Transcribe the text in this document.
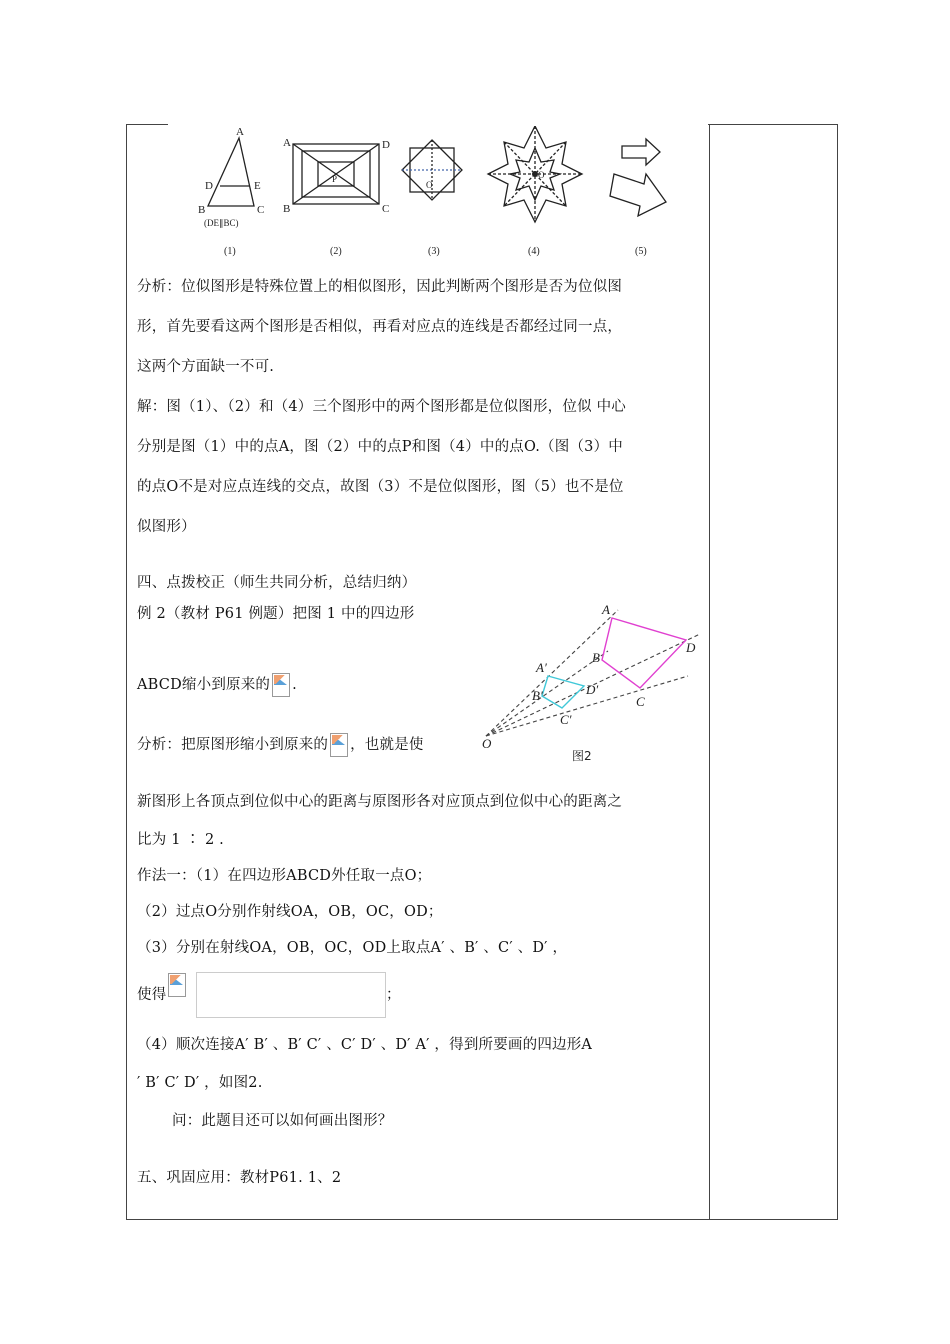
A
D	E
B	C
(DE∥BC)
(1)
A	D
B	C
P
(2)
O
(3)
O
(4)	(5)
分析：位似图形是特殊位置上的相似图形，因此判断两个图形是否为位似图
形，首先要看这两个图形是否相似，再看对应点的连线是否都经过同一点，
这两个方面缺一不可.
解：图（1）、（2）和（4）三个图形中的两个图形都是位似图形，位似 中心
分别是图（1）中的点A，图（2）中的点P和图（4）中的点O.（图（3）中
的点O不是对应点连线的交点，故图（3）不是位似图形，图（5）也不是位
似图形）
四、点拨校正（师生共同分析，总结归纳）
例 2（教材 P61 例题）把图 1 中的四边形
ABCD缩小到原来的 .
分析：把原图形缩小到原来的 ，也就是使
新图形上各顶点到位似中心的距离与原图形各对应顶点到位似中心的距离之
比为 1 ∶ 2 .
作法一：（1）在四边形ABCD外任取一点O；
（2）过点O分别作射线OA，OB，OC，OD；
（3）分别在射线OA，OB，OC，OD上取点A′ 、B′ 、C′ 、D′ ，
使得	；
（4）顺次连接A′ B′ 、B′ C′ 、C′ D′ 、D′ A′ ，得到所要画的四边形A
′ B′ C′ D′ ，如图2.
问：此题目还可以如何画出图形？
五、巩固应用：教材P61. 1、2
O
A
B
C
D
A′
B′
C′
D′
图2
